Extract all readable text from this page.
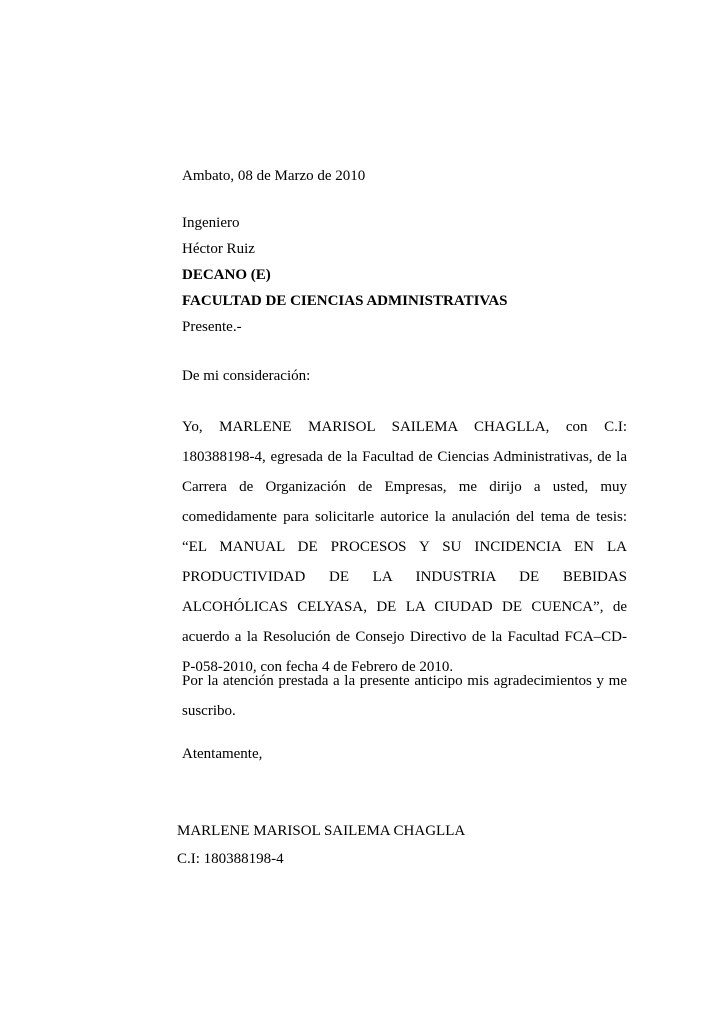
Ambato, 08 de Marzo de 2010
Ingeniero
Héctor Ruiz
DECANO (E)
FACULTAD DE CIENCIAS ADMINISTRATIVAS
Presente.-
De mi consideración:
Yo, MARLENE MARISOL SAILEMA CHAGLLA, con C.I:
180388198-4, egresada de la Facultad de Ciencias Administrativas, de la
Carrera de Organización de Empresas, me dirijo a usted, muy
comedidamente para solicitarle autorice la anulación del tema de tesis:
“EL MANUAL DE PROCESOS Y SU INCIDENCIA EN LA
PRODUCTIVIDAD DE LA INDUSTRIA DE BEBIDAS
ALCOHÓLICAS CELYASA, DE LA CIUDAD DE CUENCA”, de
acuerdo a la Resolución de Consejo Directivo de la Facultad FCA–CD-
P-058-2010, con fecha 4 de Febrero de 2010.
Por la atención prestada a la presente anticipo mis agradecimientos y me
suscribo.
Atentamente,
MARLENE MARISOL SAILEMA CHAGLLA
C.I: 180388198-4
